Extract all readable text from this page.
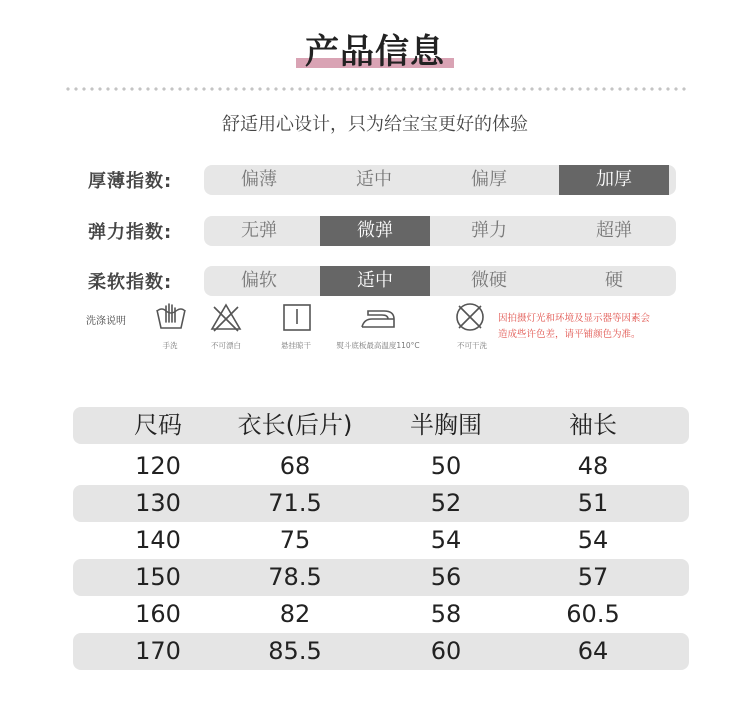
产品信息
舒适用心设计，只为给宝宝更好的体验
厚薄指数:	偏薄	适中	偏厚	加厚
弹力指数:	无弹	微弹	弹力	超弹
柔软指数:	偏软	适中	微硬	硬
洗涤说明
手洗	不可漂白	悬挂晾干	熨斗底板最高温度110°C	不可干洗
因拍摄灯光和环境及显示器等因素会
造成些许色差，请平铺颜色为准。
尺码	衣长(后片)	半胸围	袖长
120	68	50	48
130	71.5	52	51
140	75	54	54
150	78.5	56	57
160	82	58	60.5
170	85.5	60	64
